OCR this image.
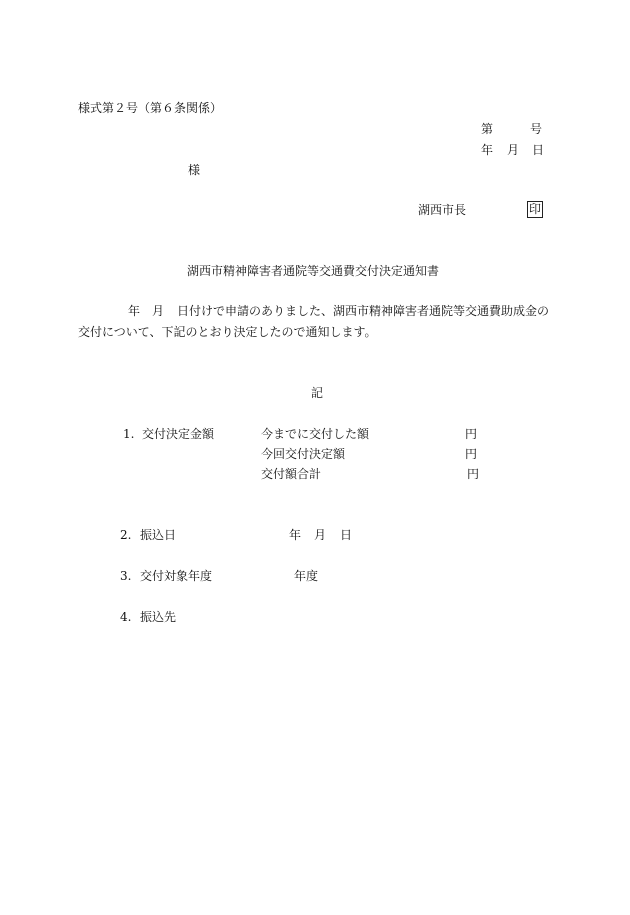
様式第２号（第６条関係）
第	号
年 月 日
様
湖西市長	印
湖西市精神障害者通院等交通費交付決定通知書
年 月 日付けで申請のありました、湖西市精神障害者通院等交通費助成金の
交付について、下記のとおり決定したので通知します。
記
1. 交付決定金額	今までに交付した額	円
今回交付決定額	円
交付額合計	円
2. 振込日	年 月 日
3. 交付対象年度	年度
4. 振込先
